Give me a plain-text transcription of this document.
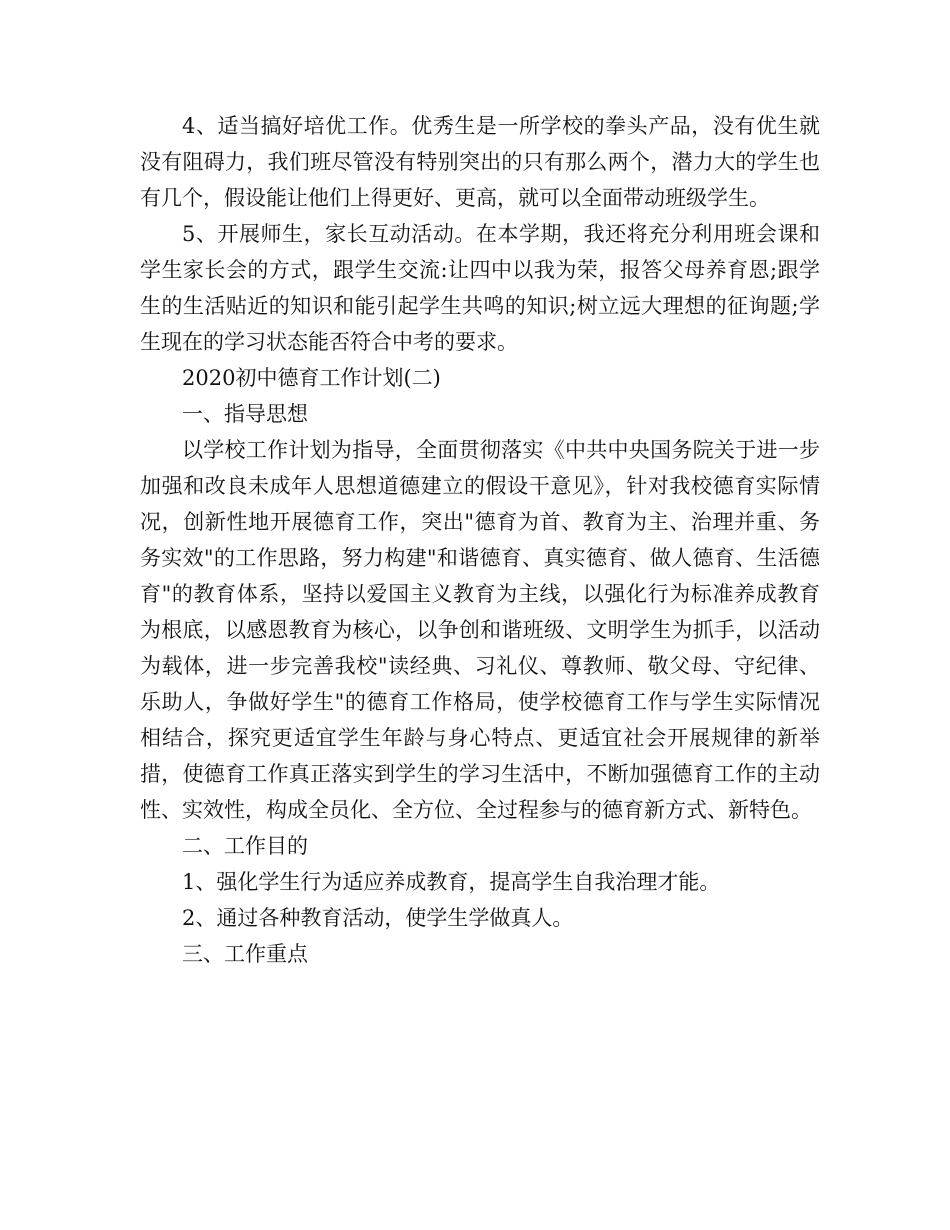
4、适当搞好培优工作。优秀生是一所学校的拳头产品，没有优生就没有阻碍力，我们班尽管没有特别突出的只有那么两个，潜力大的学生也有几个，假设能让他们上得更好、更高，就可以全面带动班级学生。

5、开展师生，家长互动活动。在本学期，我还将充分利用班会课和学生家长会的方式，跟学生交流:让四中以我为荣，报答父母养育恩;跟学生的生活贴近的知识和能引起学生共鸣的知识;树立远大理想的征询题;学生现在的学习状态能否符合中考的要求。

2020初中德育工作计划(二)

一、指导思想

以学校工作计划为指导，全面贯彻落实《中共中央国务院关于进一步加强和改良未成年人思想道德建立的假设干意见》，针对我校德育实际情况，创新性地开展德育工作，突出"德育为首、教育为主、治理并重、务务实效"的工作思路，努力构建"和谐德育、真实德育、做人德育、生活德育"的教育体系，坚持以爱国主义教育为主线，以强化行为标准养成教育为根底，以感恩教育为核心，以争创和谐班级、文明学生为抓手，以活动为载体，进一步完善我校"读经典、习礼仪、尊教师、敬父母、守纪律、乐助人，争做好学生"的德育工作格局，使学校德育工作与学生实际情况相结合，探究更适宜学生年龄与身心特点、更适宜社会开展规律的新举措，使德育工作真正落实到学生的学习生活中，不断加强德育工作的主动性、实效性，构成全员化、全方位、全过程参与的德育新方式、新特色。

二、工作目的

1、强化学生行为适应养成教育，提高学生自我治理才能。

2、通过各种教育活动，使学生学做真人。

三、工作重点
